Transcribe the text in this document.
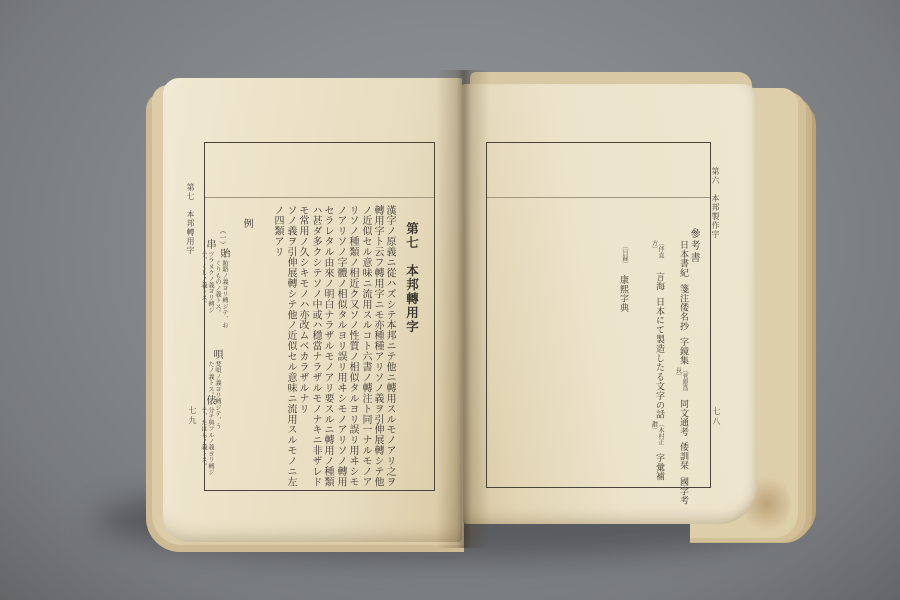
第七　本邦轉用字
七九
第七　本邦轉用字
漢字ノ原義ニ從ハズシテ本邦ニテ他ニ轉用スルモノアリ之ヲ
轉用字ト云フ轉用字ニモ亦種種アリソノ義ヲ引伸展轉シテ他
ノ近似セル意味ニ流用スルコト六書ノ轉注ト同一ナルモノア
リソノ種類ノ相近ク又ソノ性質ノ相似タルヨリ誤リ用ヰシモ
ノアリソノ字體ノ相似タルヨリ誤リ用ヰシモノアリソノ轉用
セラレタル由來ノ明白ナラザルモノアリ要スルニ轉用ノ種類
ハ甚ダ多クシテソノ中或ハ穩當ナラザルモノナキニ非ザレド
モ常用ノ久シキモノハ亦改ムベカラザルナリ
ソノ義ヲ引伸展轉シテ他ノ近似セル意味ニ流用スルモノニ左
ノ四類アリ
例
（一）貽賄賂ノ義ヨリ轉ジテ、おくりものノ義トス。
串ツラヌクノ義ヨリ轉ジテ、くしノ義トス。
唄梵唄ノ義ヨリ轉ジテ、うたノ義トス。
俵分チ與フルノ義ヨリ轉ジテ、たはらノ義トス。
第六　本邦製作字
七八
參考書
日本書紀箋注倭名抄字鏡集〔菅原爲長〕同文通考倭訓栞國字考
〔伴直方〕言海日本にて製造したる文字の話〔木村正辭〕字彙補
〔目録〕康熙字典
